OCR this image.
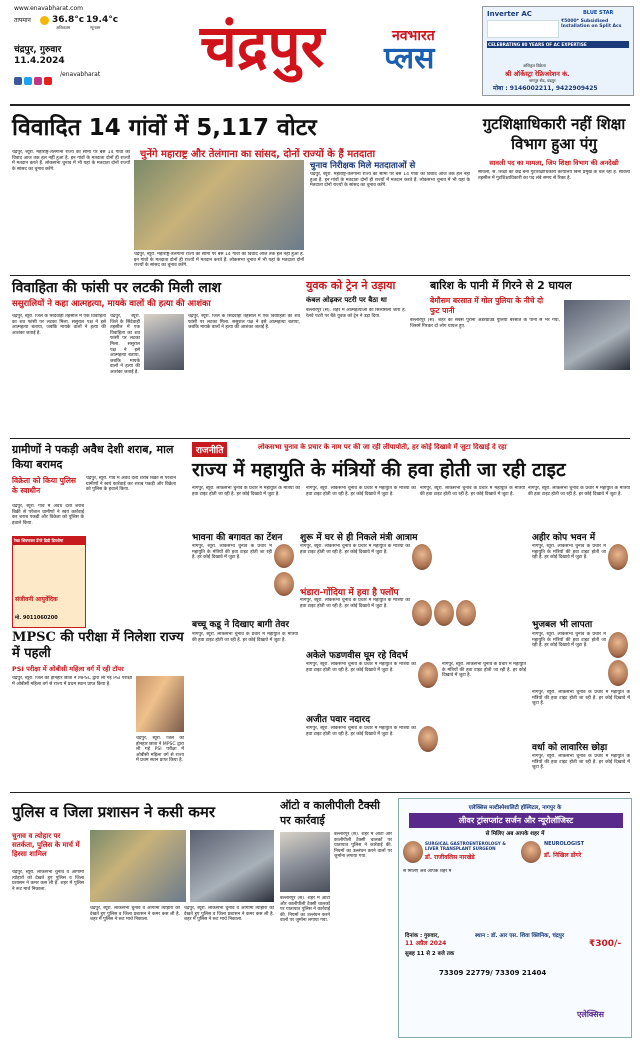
www.enavabharat.com
तापमान 36.8°c
अधिकतम
19.4°c
न्यूनतम
चंद्रपुर, गुरुवार
11.4.2024
/enavabharat चंद्रपुर	नवभारत
प्लस
Inverter AC	BLUE STAR
₹5000* Subsidised Installation on Split Acs
CELEBRATING 80 YEARS OF AC EXPERTISE
अधिकृत विक्रेता
श्री ऑर्केस्ट्रा रेफ्रिजरेशन कं.
नागपुर रोड, चंद्रपुर
मोबा : 9146002211, 9422909425
विवादित 14 गांवों में 5,117 वोटर
चुनेंगे महाराष्ट्र और तेलंगाना का सांसद, दोनों राज्यों के हैं मतदाता
चंद्रपुर, ब्यूरो. महाराष्ट्र-तेलंगाना राज्य की सीमा पर बसे 14 गांवों का विवाद आज तक हल नहीं हुआ है. इन गांवों के मतदाता दोनों ही राज्यों में मतदान करते हैं. लोकसभा चुनाव में भी यहां के मतदाता दोनों राज्यों के सांसद का चुनाव करेंगे.
चंद्रपुर, ब्यूरो. महाराष्ट्र-तेलंगाना राज्य की सीमा पर बसे 14 गांवों का विवाद आज तक हल नहीं हुआ है. इन गांवों के मतदाता दोनों ही राज्यों में मतदान करते हैं. लोकसभा चुनाव में भी यहां के मतदाता दोनों राज्यों के सांसद का चुनाव करेंगे.
चुनाव निरीक्षक मिले मतदाताओं से
चंद्रपुर, ब्यूरो. महाराष्ट्र-तेलंगाना राज्य की सीमा पर बसे 14 गांवों का विवाद आज तक हल नहीं हुआ है. इन गांवों के मतदाता दोनों ही राज्यों में मतदान करते हैं. लोकसभा चुनाव में भी यहां के मतदाता दोनों राज्यों के सांसद का चुनाव करेंगे.
गुटशिक्षाधिकारी नहीं शिक्षा विभाग हुआ पंगु
सावली पद का मामला, जिप शिक्षा विभाग की अनदेखी
सावली, सं. शिक्षा का केंद्र बना गुटशिक्षाधिकारी कार्यालय बिना प्रमुख के चल रहा है. सावली तहसील में गुटशिक्षाधिकारी का पद लंबे समय से रिक्त है.
विवाहिता की फांसी पर लटकी मिली लाश
ससुरालियों ने कहा आत्महत्या, मायके वालों की हत्या की आशंका
चंद्रपुर, ब्यूरो. जिले के सिंदेवाही तहसील में एक विवाहिता का शव फांसी पर लटका मिला. ससुराल पक्ष ने इसे आत्महत्या बताया, जबकि मायके वालों ने हत्या की आशंका जताई है.
चंद्रपुर, ब्यूरो. जिले के सिंदेवाही तहसील में एक विवाहिता का शव फांसी पर लटका मिला. ससुराल पक्ष ने इसे आत्महत्या बताया, जबकि मायके वालों ने हत्या की आशंका जताई है.
चंद्रपुर, ब्यूरो. जिले के सिंदेवाही तहसील में एक विवाहिता का शव फांसी पर लटका मिला. ससुराल पक्ष ने इसे आत्महत्या बताया, जबकि मायके वालों ने हत्या की आशंका जताई है.
युवक को ट्रेन ने उड़ाया
कंबल ओढ़कर पटरी पर बैठा था
बल्लारपुर (सं). शहर में आत्महत्याओं का सिलसिला जारी है. रेलवे पटरी पर बैठे युवक को ट्रेन ने उड़ा दिया.
बारिश के पानी में गिरने से 2 घायल
बेमौसम बरसात में गोल पुलिया के नीचे दो फुट पानी
बल्लारपुर (सं). शहर का सबसे पुराना अंडरग्राउंड पुलिया बरसात के पानी से भर गया, जिसमें गिरकर दो लोग घायल हुए.
ग्रामीणों ने पकड़ी अवैध देशी शराब, माल किया बरामद
विक्रेता को किया पुलिस के स्वाधीन
चंद्रपुर, ब्यूरो. गांव में अवैध देशी शराब बिक्री से परेशान ग्रामीणों ने स्वयं कार्रवाई कर शराब पकड़ी और विक्रेता को पुलिस के हवाले किया.
चंद्रपुर, ब्यूरो. गांव में अवैध देशी शराब बिक्री से परेशान ग्रामीणों ने स्वयं कार्रवाई कर शराब पकड़ी और विक्रेता को पुलिस के हवाले किया.
रेखा शिवणकर डेंगरे डिग्री डिप्लोमा
संजीवनी आयुर्वेदिक
मो. 9011060200
राजनीति	लोकसभा चुनाव के प्रचार के नाम पर की जा रही लीपापोती, हर कोई दिखावे में जुटा दिखाई दे रहा
राज्य में महायुति के मंत्रियों की हवा होती जा रही टाइट
नागपुर, ब्यूरो. लोकसभा चुनाव के प्रचार में महायुति के मंत्रियों की हवा टाइट होती जा रही है. हर कोई दिखावे में जुटा है.
नागपुर, ब्यूरो. लोकसभा चुनाव के प्रचार में महायुति के मंत्रियों की हवा टाइट होती जा रही है. हर कोई दिखावे में जुटा है.
नागपुर, ब्यूरो. लोकसभा चुनाव के प्रचार में महायुति के मंत्रियों की हवा टाइट होती जा रही है. हर कोई दिखावे में जुटा है.
नागपुर, ब्यूरो. लोकसभा चुनाव के प्रचार में महायुति के मंत्रियों की हवा टाइट होती जा रही है. हर कोई दिखावे में जुटा है.
भावना की बगावत का टेंशन
नागपुर, ब्यूरो. लोकसभा चुनाव के प्रचार में महायुति के मंत्रियों की हवा टाइट होती जा रही है. हर कोई दिखावे में जुटा है.
शुरू में घर से ही निकले मंत्री आत्राम
नागपुर, ब्यूरो. लोकसभा चुनाव के प्रचार में महायुति के मंत्रियों की हवा टाइट होती जा रही है. हर कोई दिखावे में जुटा है.
भंडारा-गोंदिया में हवा है फ्लॉप
नागपुर, ब्यूरो. लोकसभा चुनाव के प्रचार में महायुति के मंत्रियों की हवा टाइट होती जा रही है. हर कोई दिखावे में जुटा है.
अहीर कोप भवन में
नागपुर, ब्यूरो. लोकसभा चुनाव के प्रचार में महायुति के मंत्रियों की हवा टाइट होती जा रही है. हर कोई दिखावे में जुटा है.
भुजबल भी लापता
नागपुर, ब्यूरो. लोकसभा चुनाव के प्रचार में महायुति के मंत्रियों की हवा टाइट होती जा रही है. हर कोई दिखावे में जुटा है.
MPSC की परीक्षा में निलेशा राज्य में पहली
PSI परीक्षा में ओबीसी महिला वर्ग में रही टॉपर
चंद्रपुर, ब्यूरो. जिले की होनहार छात्रा ने MPSC द्वारा ली गई PSI परीक्षा में ओबीसी महिला वर्ग से राज्य में प्रथम स्थान प्राप्त किया है.
चंद्रपुर, ब्यूरो. जिले की होनहार छात्रा ने MPSC द्वारा ली गई PSI परीक्षा में ओबीसी महिला वर्ग से राज्य में प्रथम स्थान प्राप्त किया है.
बच्चू कडू ने दिखाए बागी तेवर
नागपुर, ब्यूरो. लोकसभा चुनाव के प्रचार में महायुति के मंत्रियों की हवा टाइट होती जा रही है. हर कोई दिखावे में जुटा है.
अकेले फडणवीस घूम रहे विदर्भ
नागपुर, ब्यूरो. लोकसभा चुनाव के प्रचार में महायुति के मंत्रियों की हवा टाइट होती जा रही है. हर कोई दिखावे में जुटा है.
अजीत पवार नदारद
नागपुर, ब्यूरो. लोकसभा चुनाव के प्रचार में महायुति के मंत्रियों की हवा टाइट होती जा रही है. हर कोई दिखावे में जुटा है.
नागपुर, ब्यूरो. लोकसभा चुनाव के प्रचार में महायुति के मंत्रियों की हवा टाइट होती जा रही है. हर कोई दिखावे में जुटा है.
वर्धा को लावारिस छोड़ा
नागपुर, ब्यूरो. लोकसभा चुनाव के प्रचार में महायुति के मंत्रियों की हवा टाइट होती जा रही है. हर कोई दिखावे में जुटा है.
नागपुर, ब्यूरो. लोकसभा चुनाव के प्रचार में महायुति के मंत्रियों की हवा टाइट होती जा रही है. हर कोई दिखावे में जुटा है.
पुलिस व जिला प्रशासन ने कसी कमर
चुनाव व त्योहार पर सतर्कता, पुलिस के मार्च में हिस्सा शामिल
चंद्रपुर, ब्यूरो. लोकसभा चुनाव व आगामी त्योहारों को देखते हुए पुलिस व जिला प्रशासन ने कमर कस ली है. शहर में पुलिस ने रूट मार्च निकाला.
चंद्रपुर, ब्यूरो. लोकसभा चुनाव व आगामी त्योहारों को देखते हुए पुलिस व जिला प्रशासन ने कमर कस ली है. शहर में पुलिस ने रूट मार्च निकाला.
चंद्रपुर, ब्यूरो. लोकसभा चुनाव व आगामी त्योहारों को देखते हुए पुलिस व जिला प्रशासन ने कमर कस ली है. शहर में पुलिस ने रूट मार्च निकाला.
ऑटो व कालीपीली टैक्सी पर कार्रवाई
बल्लारपुर (सं). शहर में ऑटो और कालीपीली टैक्सी चालकों पर यातायात पुलिस ने कार्रवाई की. नियमों का उल्लंघन करने वालों पर जुर्माना लगाया गया.
बल्लारपुर (सं). शहर में ऑटो और कालीपीली टैक्सी चालकों पर यातायात पुलिस ने कार्रवाई की. नियमों का उल्लंघन करने वालों पर जुर्माना लगाया गया.
एलेक्सिस मल्टीस्पेशालिटी हॉस्पिटल, नागपुर के
लीवर ट्रांसप्लांट सर्जन और न्यूरोलॉजिस्ट
से मिलिए अब आपके शहर में
SURGICAL GASTROENTEROLOGY & LIVER TRANSPLANT SURGEON
डॉ. राजीवलिस नारखेडे
NEUROLOGIST
डॉ. निखिल डोंगरे
से मिलिए अब आपके शहर में
दिनांक : गुरुवार,
11 अप्रैल 2024
सुबह 11 से 2 बजे तक
स्थान : डॉ. आर एस. शिवा क्लिनिक, चंद्रपुर
₹300/-
73309 22779/ 73309 21404
एलेक्सिस
